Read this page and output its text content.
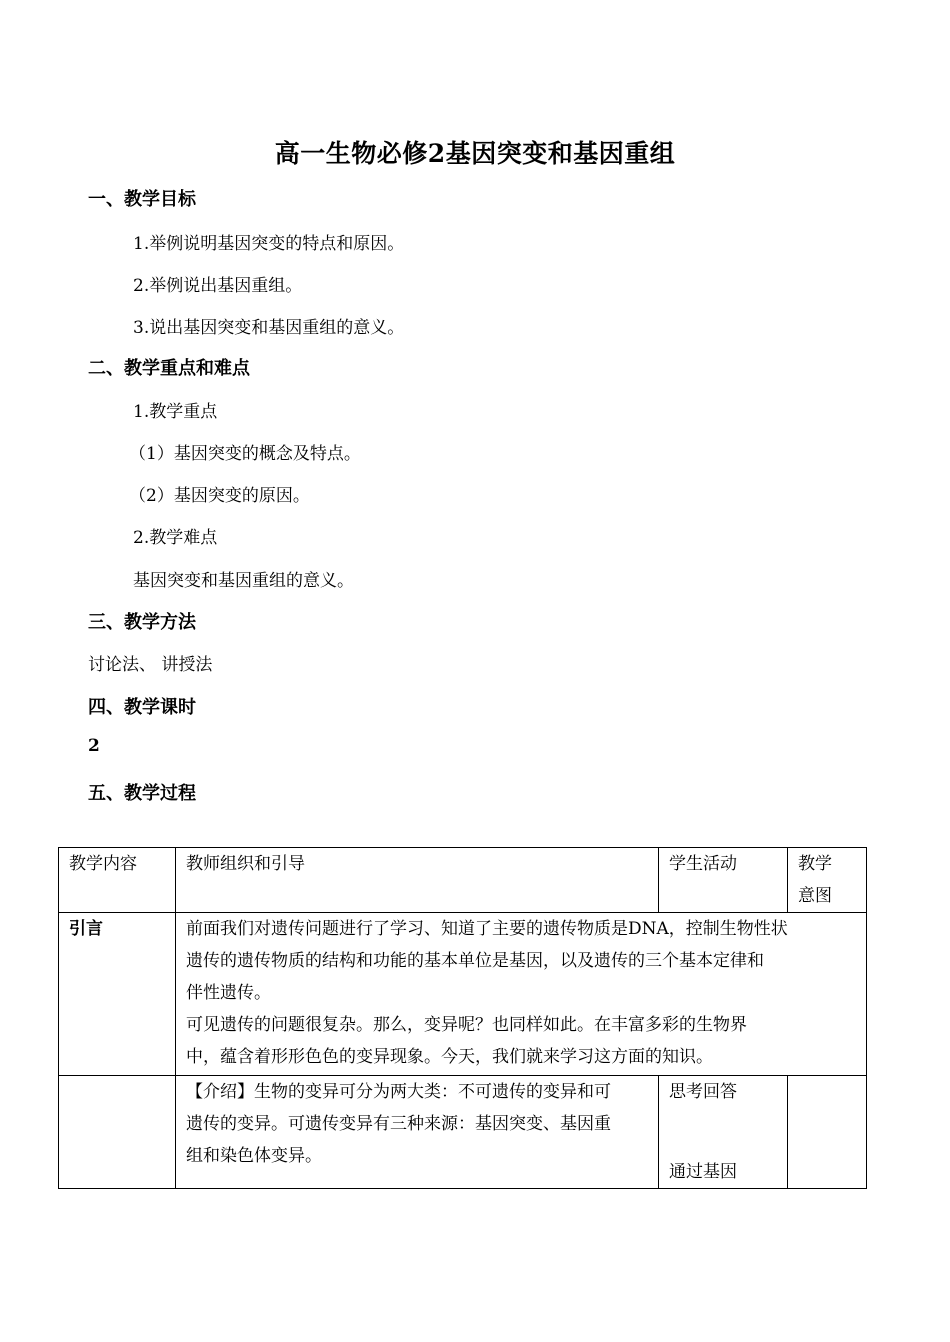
高一生物必修2基因突变和基因重组
一、教学目标
1.举例说明基因突变的特点和原因。
2.举例说出基因重组。
3.说出基因突变和基因重组的意义。
二、教学重点和难点
1.教学重点
（1）基因突变的概念及特点。
（2）基因突变的原因。
2.教学难点
基因突变和基因重组的意义。
三、教学方法
讨论法、 讲授法
四、教学课时
2
五、教学过程
教学内容	教师组织和引导	学生活动	教学
意图

引言	前面我们对遗传问题进行了学习、知道了主要的遗传物质是DNA，控制生物性状
遗传的遗传物质的结构和功能的基本单位是基因，以及遗传的三个基本定律和
伴性遗传。
可见遗传的问题很复杂。那么，变异呢？也同样如此。在丰富多彩的生物界
中，蕴含着形形色色的变异现象。今天，我们就来学习这方面的知识。		

	【介绍】生物的变异可分为两大类：不可遗传的变异和可
遗传的变异。可遗传变异有三种来源：基因突变、基因重
组和染色体变异。	思考回答
通过基因	
